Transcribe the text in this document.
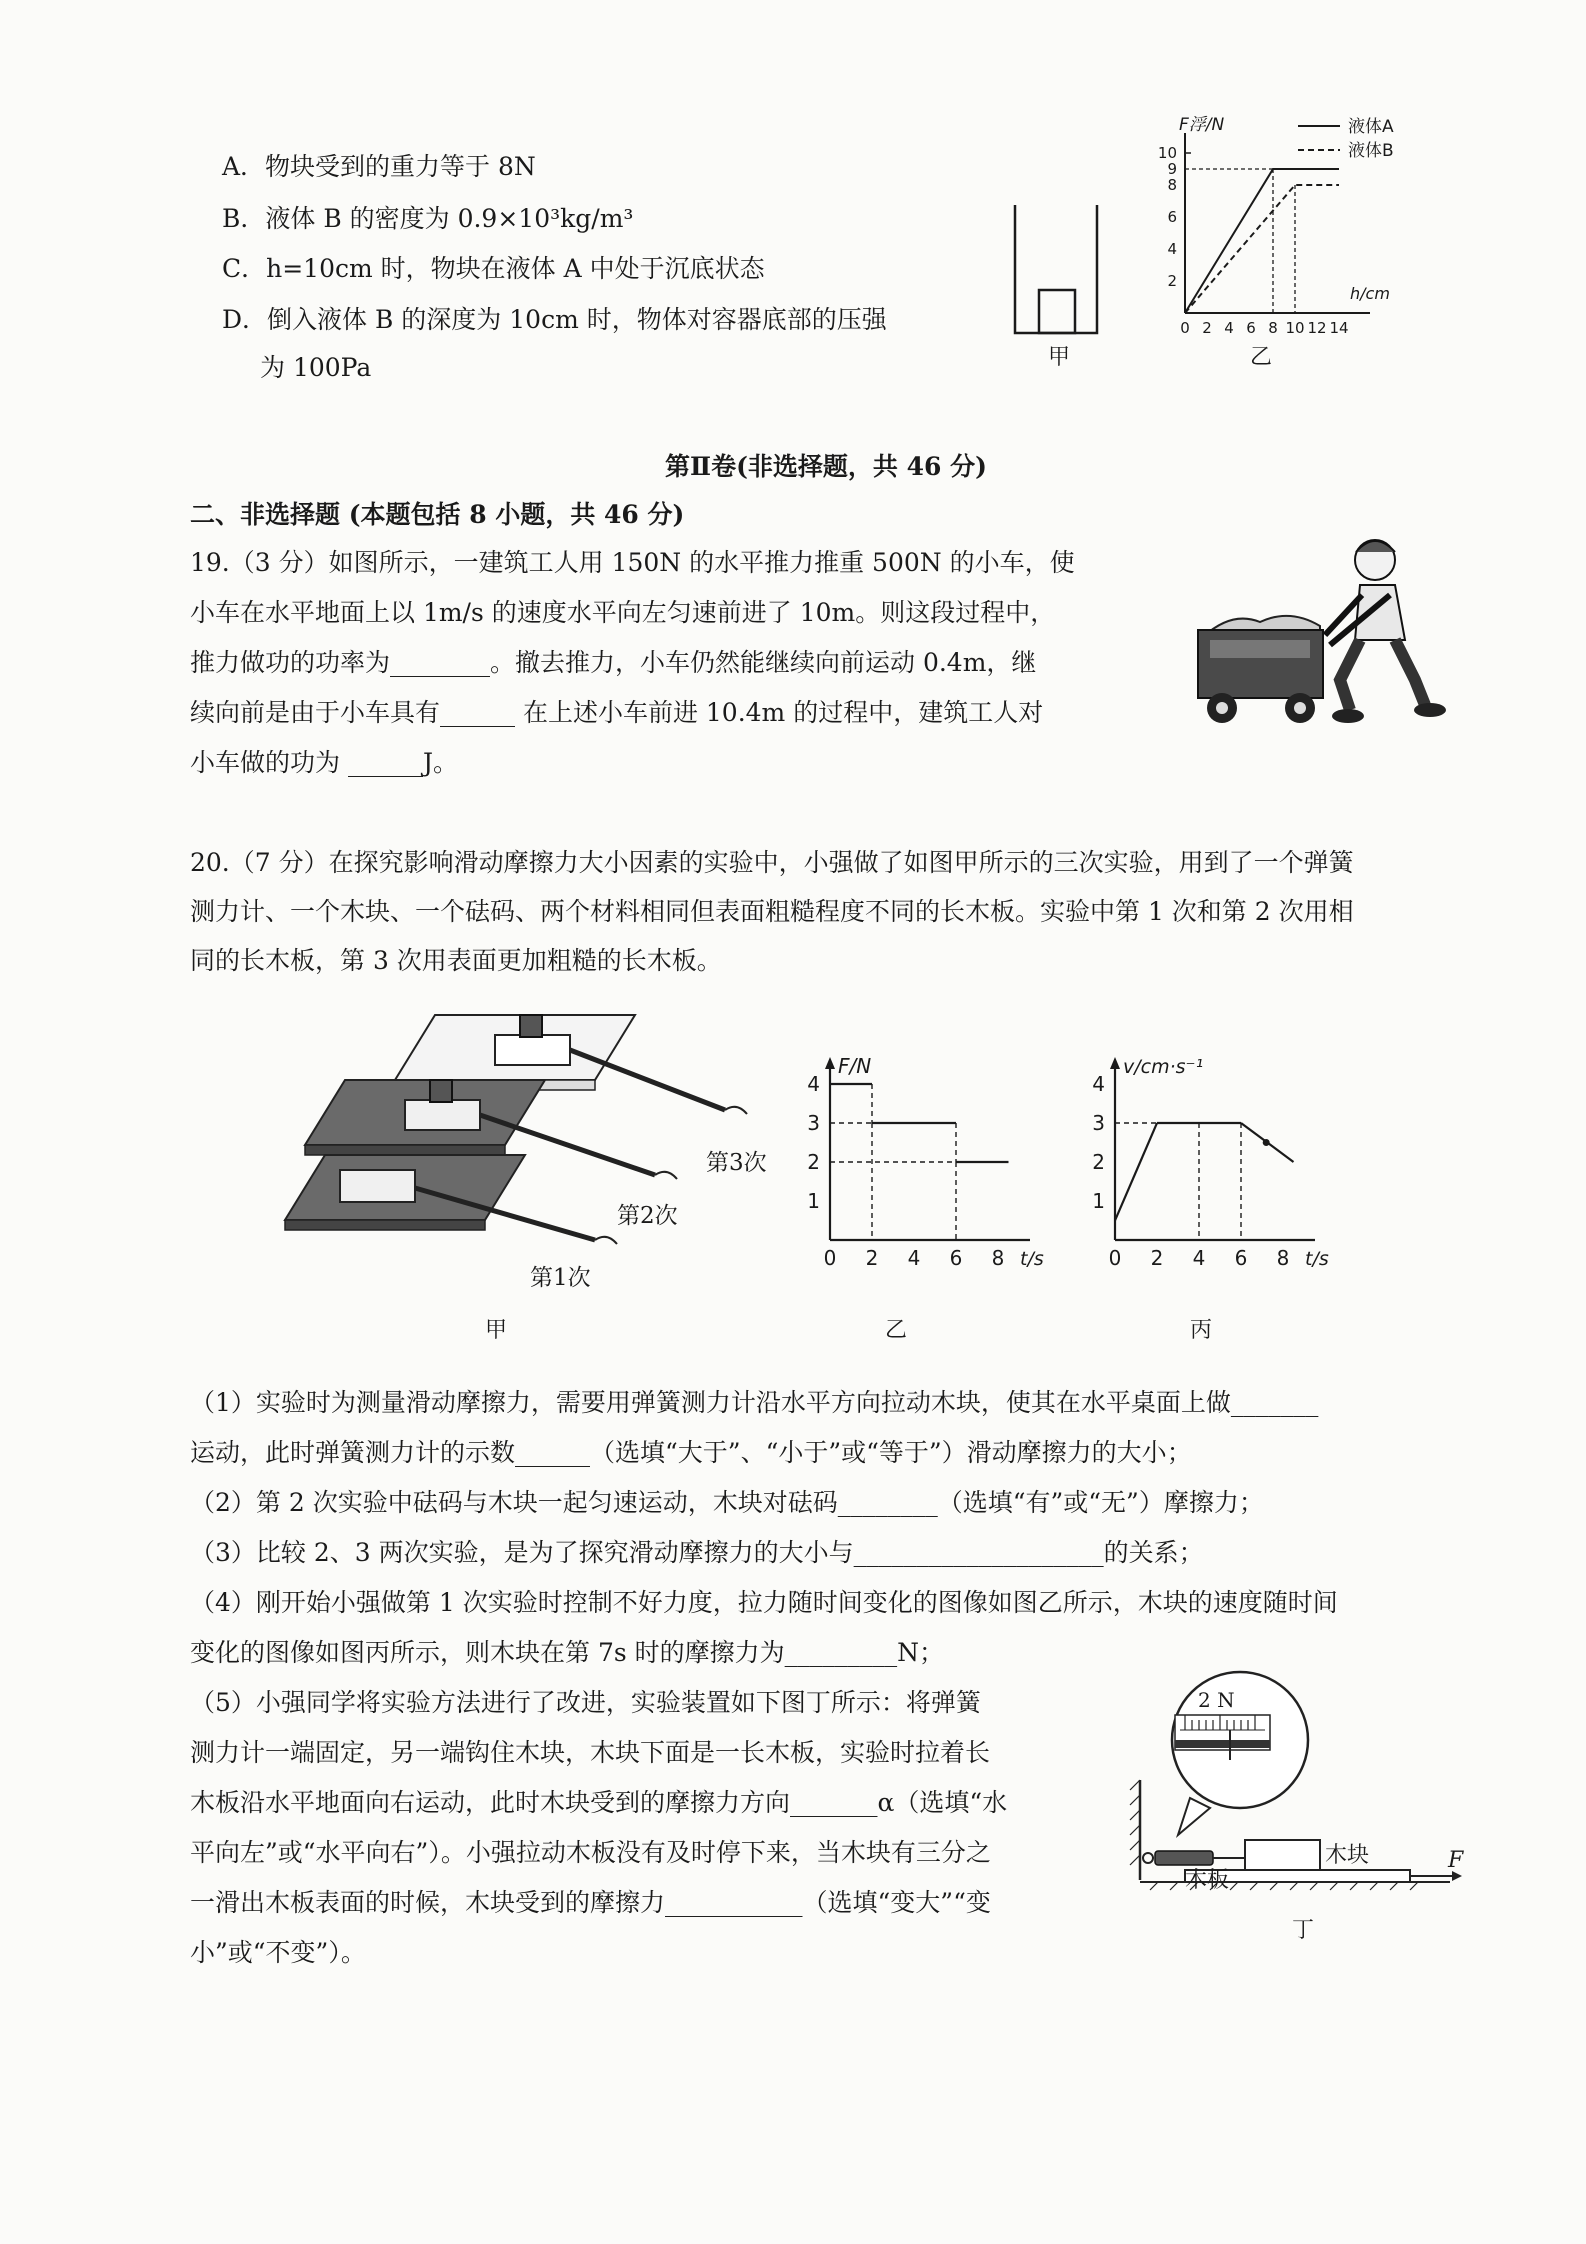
A．物块受到的重力等于 8N
B．液体 B 的密度为 0.9×10³kg/m³
C．h=10cm 时，物块在液体 A 中处于沉底状态
D．倒入液体 B 的深度为 10cm 时，物体对容器底部的压强
为 100Pa	甲
F浮/N
h/cm
10
9
8
6
4
2
0 2 4 6 8 10 12 14
液体A
液体B
乙
第Ⅱ卷(非选择题，共 46 分)
二、非选择题 (本题包括 8 小题，共 46 分)
19.（3 分）如图所示，一建筑工人用 150N 的水平推力推重 500N 的小车，使
小车在水平地面上以 1m/s 的速度水平向左匀速前进了 10m。则这段过程中，
推力做功的功率为________。撤去推力，小车仍然能继续向前运动 0.4m，继
续向前是由于小车具有______ 在上述小车前进 10.4m 的过程中，建筑工人对
小车做的功为 ______J。
20.（7 分）在探究影响滑动摩擦力大小因素的实验中，小强做了如图甲所示的三次实验，用到了一个弹簧
测力计、一个木块、一个砝码、两个材料相同但表面粗糙程度不同的长木板。实验中第 1 次和第 2 次用相
同的长木板，第 3 次用表面更加粗糙的长木板。
第3次
第2次
第1次
甲
F/N
t/s
4
3
2
1
0 2 4 6 8
乙
v/cm·s⁻¹
t/s
4
3
2
1
0 2 4 6 8
丙
（1）实验时为测量滑动摩擦力，需要用弹簧测力计沿水平方向拉动木块，使其在水平桌面上做_______
运动，此时弹簧测力计的示数______（选填“大于”、“小于”或“等于”）滑动摩擦力的大小；
（2）第 2 次实验中砝码与木块一起匀速运动，木块对砝码________（选填“有”或“无”）摩擦力；
（3）比较 2、3 两次实验，是为了探究滑动摩擦力的大小与____________________的关系；
（4）刚开始小强做第 1 次实验时控制不好力度，拉力随时间变化的图像如图乙所示，木块的速度随时间
变化的图像如图丙所示，则木块在第 7s 时的摩擦力为_________N；
（5）小强同学将实验方法进行了改进，实验装置如下图丁所示：将弹簧
测力计一端固定，另一端钩住木块，木块下面是一长木板，实验时拉着长
木板沿水平地面向右运动，此时木块受到的摩擦力方向_______α（选填“水
平向左”或“水平向右”）。小强拉动木板没有及时停下来，当木块有三分之
一滑出木板表面的时候，木块受到的摩擦力___________（选填“变大”“变
小”或“不变”）。
2 N
木块
木板
F
丁
